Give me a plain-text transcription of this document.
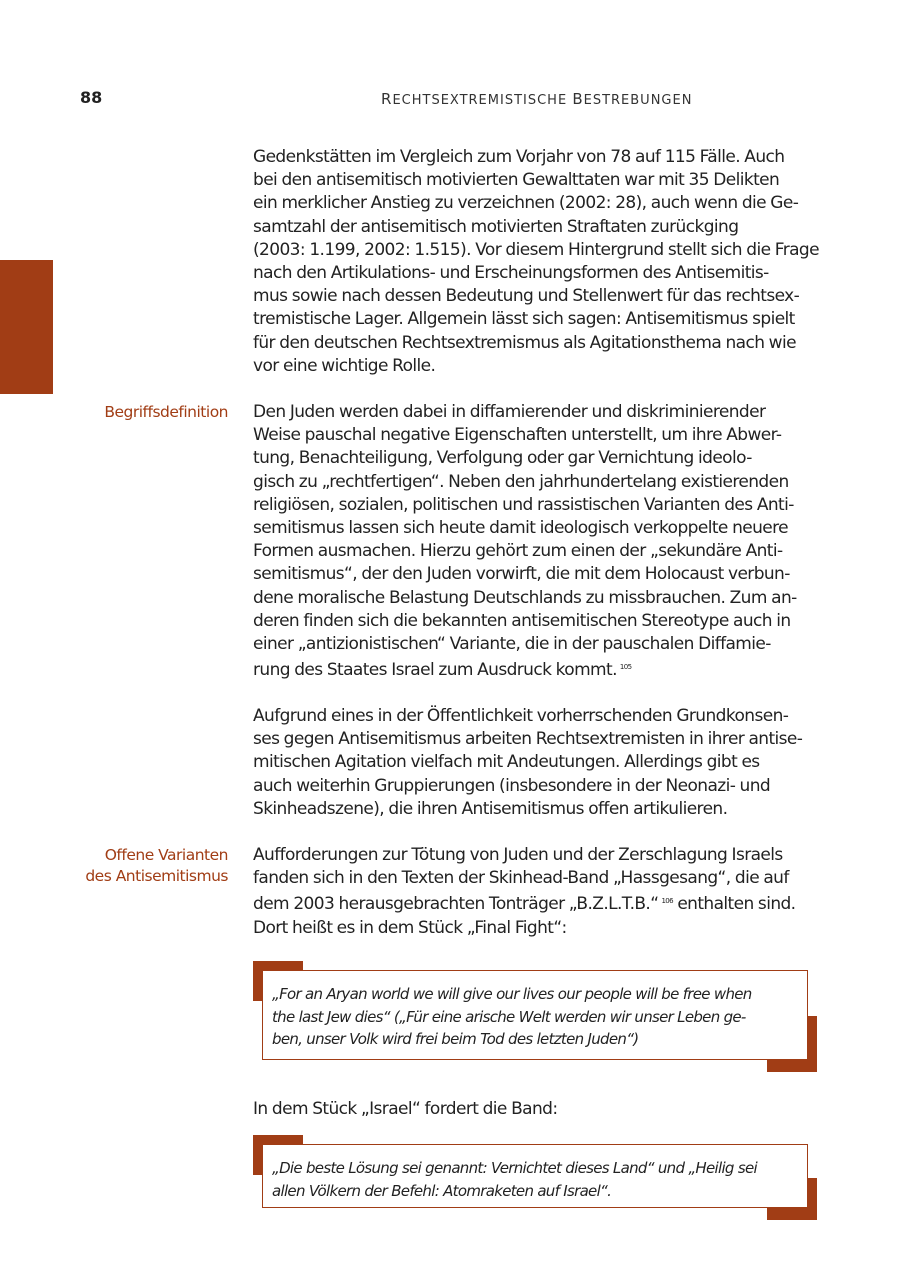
88	RECHTSEXTREMISTISCHE BESTREBUNGEN
Begriffsdefinition
Offene Varianten
des Antisemitismus
Gedenkstätten im Vergleich zum Vorjahr von 78 auf 115 Fälle. Auch
bei den antisemitisch motivierten Gewalttaten war mit 35 Delikten
ein merklicher Anstieg zu verzeichnen (2002: 28), auch wenn die Ge-
samtzahl der antisemitisch motivierten Straftaten zurückging
(2003: 1.199, 2002: 1.515). Vor diesem Hintergrund stellt sich die Frage
nach den Artikulations- und Erscheinungsformen des Antisemitis-
mus sowie nach dessen Bedeutung und Stellenwert für das rechtsex-
tremistische Lager. Allgemein lässt sich sagen: Antisemitismus spielt
für den deutschen Rechtsextremismus als Agitationsthema nach wie
vor eine wichtige Rolle.
Den Juden werden dabei in diffamierender und diskriminierender
Weise pauschal negative Eigenschaften unterstellt, um ihre Abwer-
tung, Benachteiligung, Verfolgung oder gar Vernichtung ideolo-
gisch zu „rechtfertigen“. Neben den jahrhundertelang existierenden
religiösen, sozialen, politischen und rassistischen Varianten des Anti-
semitismus lassen sich heute damit ideologisch verkoppelte neuere
Formen ausmachen. Hierzu gehört zum einen der „sekundäre Anti-
semitismus“, der den Juden vorwirft, die mit dem Holocaust verbun-
dene moralische Belastung Deutschlands zu missbrauchen. Zum an-
deren finden sich die bekannten antisemitischen Stereotype auch in
einer „antizionistischen“ Variante, die in der pauschalen Diffamie-
rung des Staates Israel zum Ausdruck kommt. $^{105}$
Aufgrund eines in der Öffentlichkeit vorherrschenden Grundkonsen-
ses gegen Antisemitismus arbeiten Rechtsextremisten in ihrer antise-
mitischen Agitation vielfach mit Andeutungen. Allerdings gibt es
auch weiterhin Gruppierungen (insbesondere in der Neonazi- und
Skinheadszene), die ihren Antisemitismus offen artikulieren.
Aufforderungen zur Tötung von Juden und der Zerschlagung Israels
fanden sich in den Texten der Skinhead-Band „Hassgesang“, die auf
dem 2003 herausgebrachten Tonträger „B.Z.L.T.B.“ $^{106}$ enthalten sind.
Dort heißt es in dem Stück „Final Fight“:
„For an Aryan world we will give our lives our people will be free when
the last Jew dies“ („Für eine arische Welt werden wir unser Leben ge-
ben, unser Volk wird frei beim Tod des letzten Juden“)
In dem Stück „Israel“ fordert die Band:
„Die beste Lösung sei genannt: Vernichtet dieses Land“ und „Heilig sei
allen Völkern der Befehl: Atomraketen auf Israel“.
